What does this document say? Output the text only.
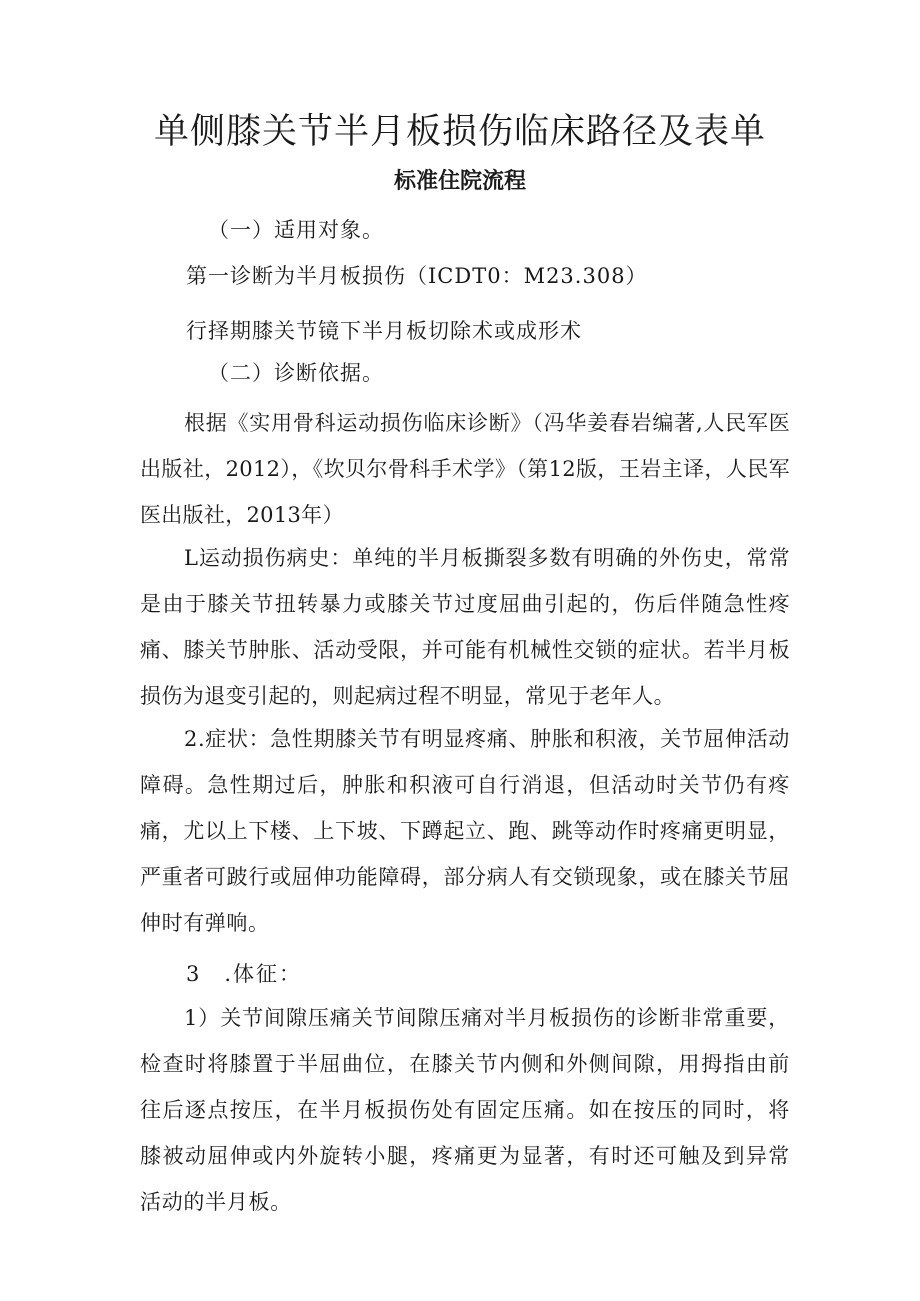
单侧膝关节半月板损伤临床路径及表单
标准住院流程

（一）适用对象。

第一诊断为半月板损伤（ICDT0：M23.308）

行择期膝关节镜下半月板切除术或成形术

（二）诊断依据。

根据《实用骨科运动损伤临床诊断》（冯华姜春岩编著,人民军医出版社，2012），《坎贝尔骨科手术学》（第12版，王岩主译，人民军医出版社，2013年）

L运动损伤病史：单纯的半月板撕裂多数有明确的外伤史，常常是由于膝关节扭转暴力或膝关节过度屈曲引起的，伤后伴随急性疼痛、膝关节肿胀、活动受限，并可能有机械性交锁的症状。若半月板损伤为退变引起的，则起病过程不明显，常见于老年人。

2.症状：急性期膝关节有明显疼痛、肿胀和积液，关节屈伸活动障碍。急性期过后，肿胀和积液可自行消退，但活动时关节仍有疼痛，尤以上下楼、上下坡、下蹲起立、跑、跳等动作时疼痛更明显，严重者可跛行或屈伸功能障碍，部分病人有交锁现象，或在膝关节屈伸时有弹响。

3　.体征：

1）关节间隙压痛关节间隙压痛对半月板损伤的诊断非常重要，检查时将膝置于半屈曲位，在膝关节内侧和外侧间隙，用拇指由前往后逐点按压，在半月板损伤处有固定压痛。如在按压的同时，将膝被动屈伸或内外旋转小腿，疼痛更为显著，有时还可触及到异常活动的半月板。
